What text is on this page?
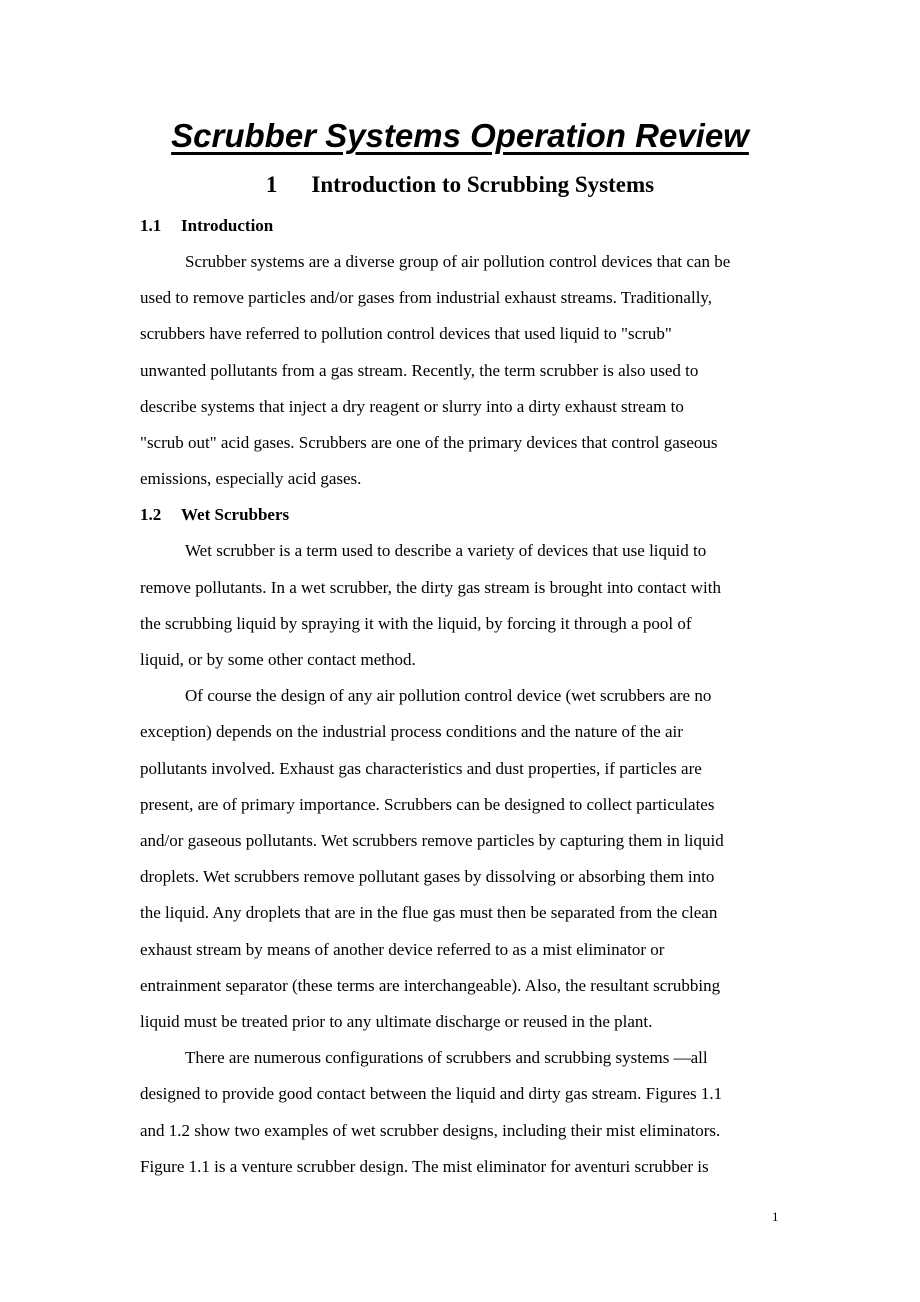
Scrubber Systems Operation Review
1 Introduction to Scrubbing Systems
1.1 Introduction

Scrubber systems are a diverse group of air pollution control devices that can be
used to remove particles and/or gases from industrial exhaust streams. Traditionally,
scrubbers have referred to pollution control devices that used liquid to "scrub"
unwanted pollutants from a gas stream. Recently, the term scrubber is also used to
describe systems that inject a dry reagent or slurry into a dirty exhaust stream to
"scrub out" acid gases. Scrubbers are one of the primary devices that control gaseous
emissions, especially acid gases.

1.2 Wet Scrubbers

Wet scrubber is a term used to describe a variety of devices that use liquid to
remove pollutants. In a wet scrubber, the dirty gas stream is brought into contact with
the scrubbing liquid by spraying it with the liquid, by forcing it through a pool of
liquid, or by some other contact method.

Of course the design of any air pollution control device (wet scrubbers are no
exception) depends on the industrial process conditions and the nature of the air
pollutants involved. Exhaust gas characteristics and dust properties, if particles are
present, are of primary importance. Scrubbers can be designed to collect particulates
and/or gaseous pollutants. Wet scrubbers remove particles by capturing them in liquid
droplets. Wet scrubbers remove pollutant gases by dissolving or absorbing them into
the liquid. Any droplets that are in the flue gas must then be separated from the clean
exhaust stream by means of another device referred to as a mist eliminator or
entrainment separator (these terms are interchangeable). Also, the resultant scrubbing
liquid must be treated prior to any ultimate discharge or reused in the plant.

There are numerous configurations of scrubbers and scrubbing systems —all
designed to provide good contact between the liquid and dirty gas stream. Figures 1.1
and 1.2 show two examples of wet scrubber designs, including their mist eliminators.
Figure 1.1 is a venture scrubber design. The mist eliminator for aventuri scrubber is

1
